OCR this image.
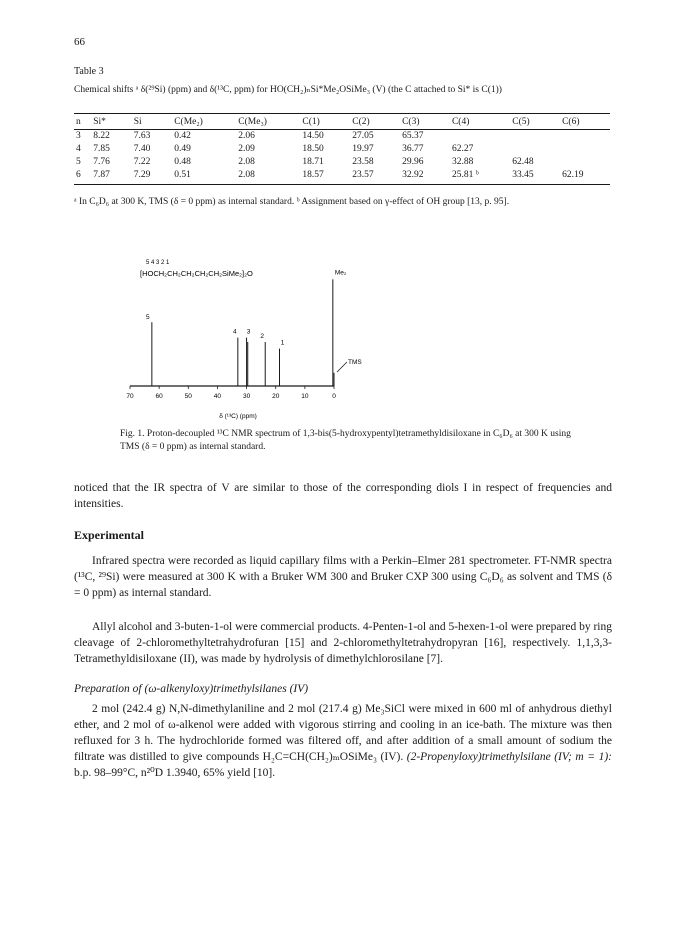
66
Table 3
Chemical shifts ᵃ δ(²⁹Si) (ppm) and δ(¹³C, ppm) for HO(CH₂)ₙSi*Me₂OSiMe₃ (V) (the C attached to Si* is C(1))
n	Si*	Si	C(Me₂)	C(Me₃)	C(1)	C(2)	C(3)	C(4)	C(5)	C(6)
3	8.22	7.63	0.42	2.06	14.50	27.05	65.37			
4	7.85	7.40	0.49	2.09	18.50	19.97	36.77	62.27		
5	7.76	7.22	0.48	2.08	18.71	23.58	29.96	32.88	62.48	
6	7.87	7.29	0.51	2.08	18.57	23.57	32.92	25.81 ᵇ	33.45	62.19
ᵃ In C₆D₆ at 300 K, TMS (δ = 0 ppm) as internal standard. ᵇ Assignment based on γ-effect of OH group [13, p. 95].
5 4 3 2 1
[HOCH₂CH₂CH₂CH₂CH₂SiMe₂]₂O
5
4 3
2
1
Me₂
TMS
70	60	50	40	30	20	10	0
δ (¹³C) (ppm)
Fig. 1. Proton-decoupled ¹³C NMR spectrum of 1,3-bis(5-hydroxypentyl)tetramethyldisiloxane in C₆D₆ at 300 K using TMS (δ = 0 ppm) as internal standard.
noticed that the IR spectra of V are similar to those of the corresponding diols I in respect of frequencies and intensities.
Experimental
Infrared spectra were recorded as liquid capillary films with a Perkin–Elmer 281 spectrometer. FT-NMR spectra (¹³C, ²⁹Si) were measured at 300 K with a Bruker WM 300 and Bruker CXP 300 using C₆D₆ as solvent and TMS (δ = 0 ppm) as internal standard.
Allyl alcohol and 3-buten-1-ol were commercial products. 4-Penten-1-ol and 5-hexen-1-ol were prepared by ring cleavage of 2-chloromethyltetrahydrofuran [15] and 2-chloromethyltetrahydropyran [16], respectively. 1,1,3,3-Tetramethyldisiloxane (II), was made by hydrolysis of dimethylchlorosilane [7].
Preparation of (ω-alkenyloxy)trimethylsilanes (IV)
2 mol (242.4 g) N,N-dimethylaniline and 2 mol (217.4 g) Me₃SiCl were mixed in 600 ml of anhydrous diethyl ether, and 2 mol of ω-alkenol were added with vigorous stirring and cooling in an ice-bath. The mixture was then refluxed for 3 h. The hydrochloride formed was filtered off, and after addition of a small amount of sodium the filtrate was distilled to give compounds H₂C=CH(CH₂)ₘOSiMe₃ (IV). (2-Propenyloxy)trimethylsilane (IV; m = 1): b.p. 98–99°C, n²⁰D 1.3940, 65% yield [10].
